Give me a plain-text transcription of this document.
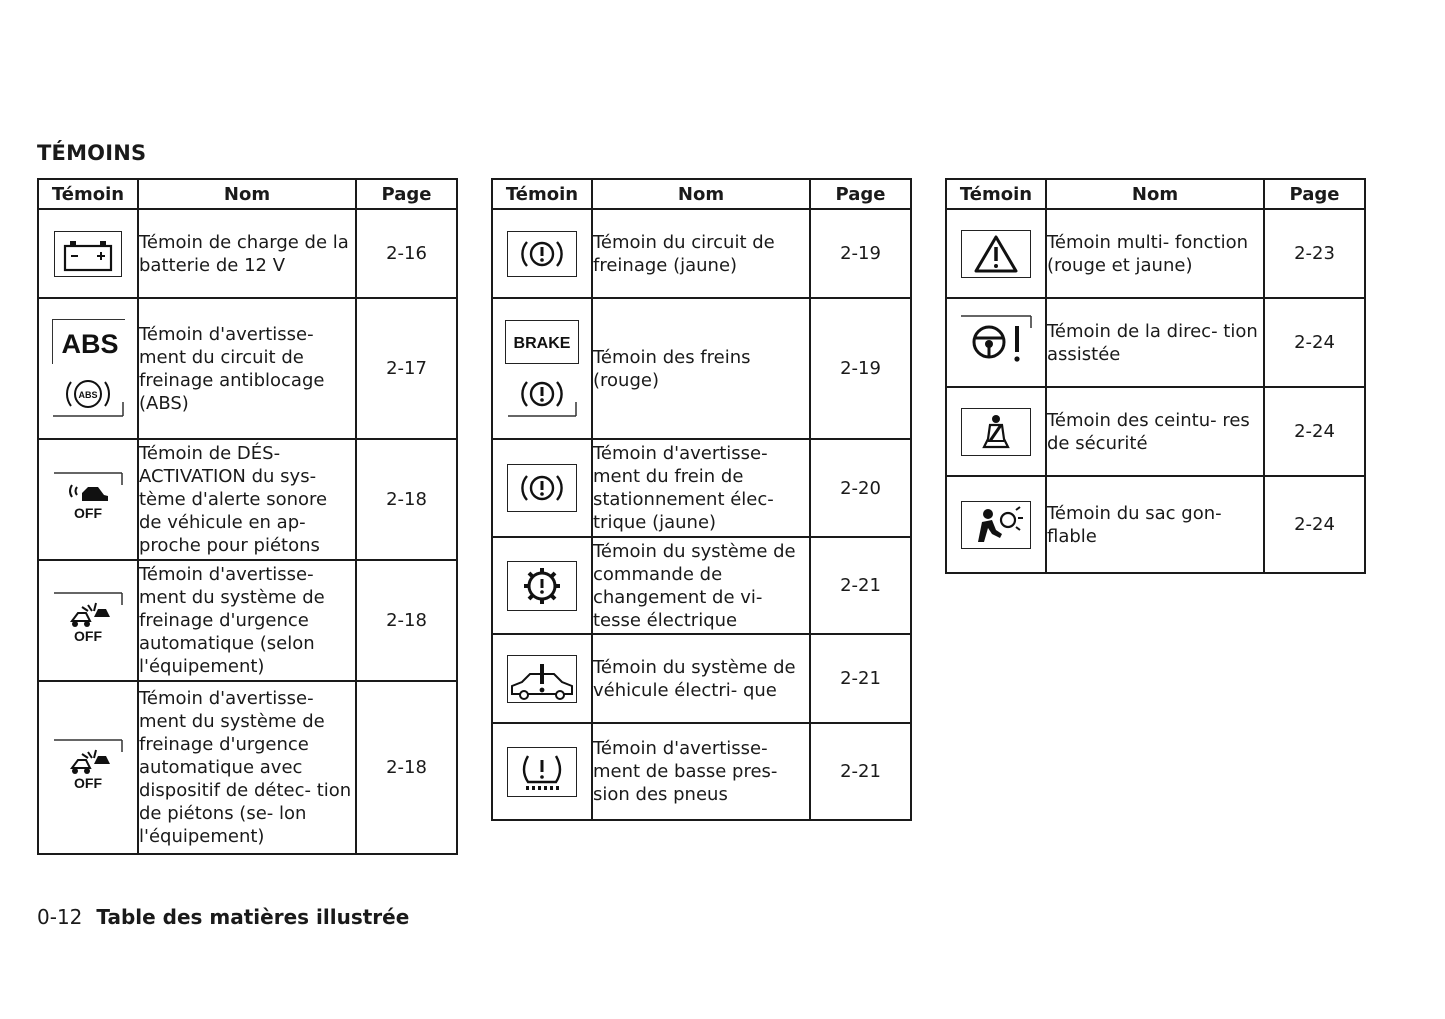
TÉMOINS
Témoin	Nom	Page

	Témoin de charge de la batterie de 12 V	2-16

ABS
ABS	Témoin d'avertisse- ment du circuit de freinage antiblocage (ABS)	2-17

OFF	Témoin de DÉS- ACTIVATION du sys- tème d'alerte sonore de véhicule en ap- proche pour piétons	2-18

OFF	Témoin d'avertisse- ment du système de freinage d'urgence automatique (selon l'équipement)	2-18

OFF	Témoin d'avertisse- ment du système de freinage d'urgence automatique avec dispositif de détec- tion de piétons (se- lon l'équipement)	2-18
Témoin	Nom	Page

	Témoin du circuit de freinage (jaune)	2-19

BRAKE	Témoin des freins (rouge)	2-19

	Témoin d'avertisse- ment du frein de stationnement élec- trique (jaune)	2-20

	Témoin du système de commande de changement de vi- tesse électrique	2-21

	Témoin du système de véhicule électri- que	2-21

	Témoin d'avertisse- ment de basse pres- sion des pneus	2-21
Témoin	Nom	Page

	Témoin multi- fonction (rouge et jaune)	2-23
	Témoin de la direc- tion assistée	2-24

	Témoin des ceintu- res de sécurité	2-24

	Témoin du sac gon- flable	2-24
0-12 Table des matières illustrée
